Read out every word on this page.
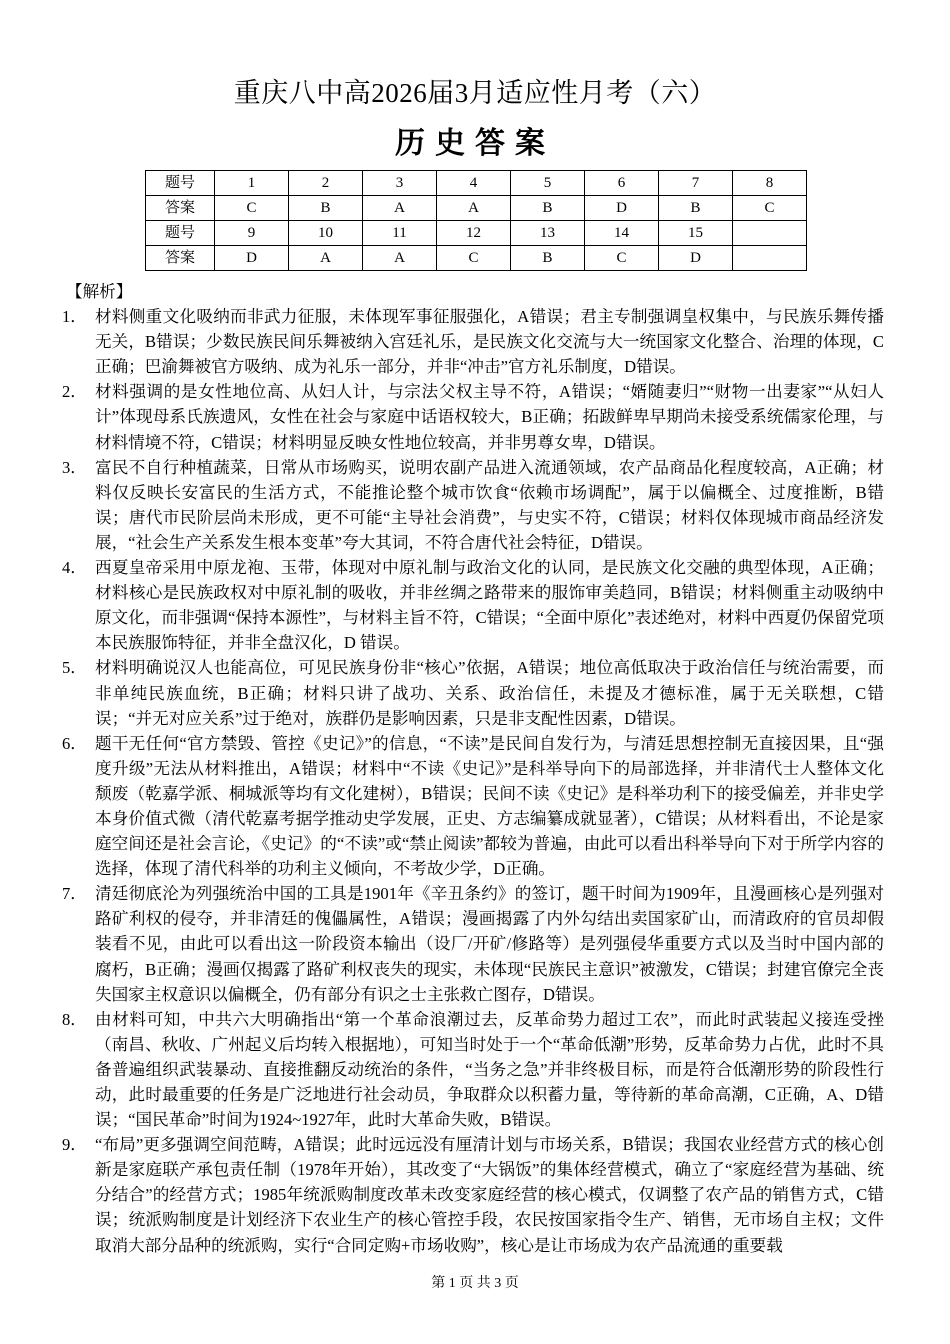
重庆八中高2026届3月适应性月考（六）
历史答案
题号	1	2	3	4	5	6	7	8
答案	C	B	A	A	B	D	B	C
题号	9	10	11	12	13	14	15	
答案	D	A	A	C	B	C	D	
【解析】
1． 材料侧重文化吸纳而非武力征服，未体现军事征服强化，A错误；君主专制强调皇权集中，与民族乐舞传播无关，B错误；少数民族民间乐舞被纳入宫廷礼乐，是民族文化交流与大一统国家文化整合、治理的体现，C正确；巴渝舞被官方吸纳、成为礼乐一部分，并非“冲击”官方礼乐制度，D错误。
2． 材料强调的是女性地位高、从妇人计，与宗法父权主导不符，A错误；“婿随妻归”“财物一出妻家”“从妇人计”体现母系氏族遗风，女性在社会与家庭中话语权较大，B正确；拓跋鲜卑早期尚未接受系统儒家伦理，与材料情境不符，C错误；材料明显反映女性地位较高，并非男尊女卑，D错误。
3． 富民不自行种植蔬菜，日常从市场购买，说明农副产品进入流通领域，农产品商品化程度较高，A正确；材料仅反映长安富民的生活方式，不能推论整个城市饮食“依赖市场调配”，属于以偏概全、过度推断，B错误；唐代市民阶层尚未形成，更不可能“主导社会消费”，与史实不符，C错误；材料仅体现城市商品经济发展，“社会生产关系发生根本变革”夸大其词，不符合唐代社会特征，D错误。
4． 西夏皇帝采用中原龙袍、玉带，体现对中原礼制与政治文化的认同，是民族文化交融的典型体现，A正确；材料核心是民族政权对中原礼制的吸收，并非丝绸之路带来的服饰审美趋同，B错误；材料侧重主动吸纳中原文化，而非强调“保持本源性”，与材料主旨不符，C错误；“全面中原化”表述绝对，材料中西夏仍保留党项本民族服饰特征，并非全盘汉化，D 错误。
5． 材料明确说汉人也能高位，可见民族身份非“核心”依据，A错误；地位高低取决于政治信任与统治需要，而非单纯民族血统，B正确；材料只讲了战功、关系、政治信任，未提及才德标准，属于无关联想，C错误；“并无对应关系”过于绝对，族群仍是影响因素，只是非支配性因素，D错误。
6． 题干无任何“官方禁毁、管控《史记》”的信息，“不读”是民间自发行为，与清廷思想控制无直接因果，且“强度升级”无法从材料推出，A错误；材料中“不读《史记》”是科举导向下的局部选择，并非清代士人整体文化颓废（乾嘉学派、桐城派等均有文化建树），B错误；民间不读《史记》是科举功利下的接受偏差，并非史学本身价值式微（清代乾嘉考据学推动史学发展，正史、方志编纂成就显著），C错误；从材料看出，不论是家庭空间还是社会言论，《史记》的“不读”或“禁止阅读”都较为普遍，由此可以看出科举导向下对于所学内容的选择，体现了清代科举的功利主义倾向，不考故少学，D正确。
7． 清廷彻底沦为列强统治中国的工具是1901年《辛丑条约》的签订，题干时间为1909年，且漫画核心是列强对路矿利权的侵夺，并非清廷的傀儡属性，A错误；漫画揭露了内外勾结出卖国家矿山，而清政府的官员却假装看不见，由此可以看出这一阶段资本输出（设厂/开矿/修路等）是列强侵华重要方式以及当时中国内部的腐朽，B正确；漫画仅揭露了路矿利权丧失的现实，未体现“民族民主意识”被激发，C错误；封建官僚完全丧失国家主权意识以偏概全，仍有部分有识之士主张救亡图存，D错误。
8． 由材料可知，中共六大明确指出“第一个革命浪潮过去，反革命势力超过工农”，而此时武装起义接连受挫（南昌、秋收、广州起义后均转入根据地），可知当时处于一个“革命低潮”形势，反革命势力占优，此时不具备普遍组织武装暴动、直接推翻反动统治的条件，“当务之急”并非终极目标，而是符合低潮形势的阶段性行动，此时最重要的任务是广泛地进行社会动员，争取群众以积蓄力量，等待新的革命高潮，C正确，A、D错误；“国民革命”时间为1924~1927年，此时大革命失败，B错误。
9． “布局”更多强调空间范畴，A错误；此时远远没有厘清计划与市场关系，B错误；我国农业经营方式的核心创新是家庭联产承包责任制（1978年开始），其改变了“大锅饭”的集体经营模式，确立了“家庭经营为基础、统分结合”的经营方式；1985年统派购制度改革未改变家庭经营的核心模式，仅调整了农产品的销售方式，C错误；统派购制度是计划经济下农业生产的核心管控手段，农民按国家指令生产、销售，无市场自主权；文件取消大部分品种的统派购，实行“合同定购+市场收购”，核心是让市场成为农产品流通的重要载
第 1 页 共 3 页
